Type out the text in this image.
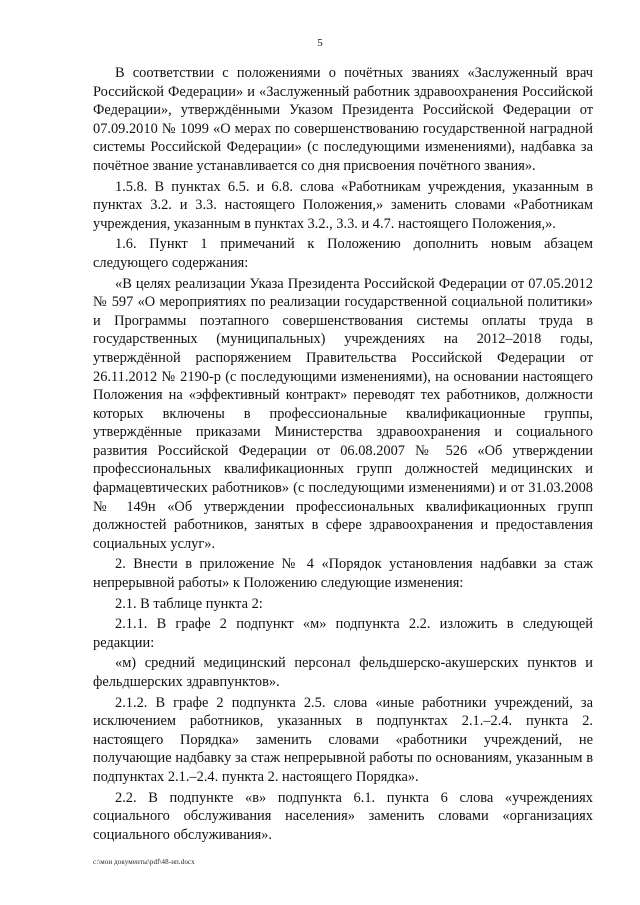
5

В соответствии с положениями о почётных званиях «Заслуженный врач Российской Федерации» и «Заслуженный работник здравоохранения Российской Федерации», утверждёнными Указом Президента Российской Федерации от 07.09.2010 № 1099 «О мерах по совершенствованию государственной наградной системы Российской Федерации» (с последующими изменениями), надбавка за почётное звание устанавливается со дня присвоения почётного звания».

1.5.8. В пунктах 6.5. и 6.8. слова «Работникам учреждения, указанным в пунктах 3.2. и 3.3. настоящего Положения,» заменить словами «Работникам учреждения, указанным в пунктах 3.2., 3.3. и 4.7. настоящего Положения,».

1.6. Пункт 1 примечаний к Положению дополнить новым абзацем следующего содержания:

«В целях реализации Указа Президента Российской Федерации от 07.05.2012 № 597 «О мероприятиях по реализации государственной социальной политики» и Программы поэтапного совершенствования системы оплаты труда в государственных (муниципальных) учреждениях на 2012–2018 годы, утверждённой распоряжением Правительства Российской Федерации от 26.11.2012 № 2190-р (с последующими изменениями), на основании настоящего Положения на «эффективный контракт» переводят тех работников, должности которых включены в профессиональные квалификационные группы, утверждённые приказами Министерства здравоохранения и социального развития Российской Федерации от 06.08.2007 № 526 «Об утверждении профессиональных квалификационных групп должностей медицинских и фармацевтических работников» (с последующими изменениями) и от 31.03.2008 № 149н «Об утверждении профессиональных квалификационных групп должностей работников, занятых в сфере здравоохранения и предоставления социальных услуг».

2. Внести в приложение № 4 «Порядок установления надбавки за стаж непрерывной работы» к Положению следующие изменения:

2.1. В таблице пункта 2:

2.1.1. В графе 2 подпункт «м» подпункта 2.2. изложить в следующей редакции:

«м) средний медицинский персонал фельдшерско-акушерских пунктов и фельдшерских здравпунктов».

2.1.2. В графе 2 подпункта 2.5. слова «иные работники учреждений, за исключением работников, указанных в подпунктах 2.1.–2.4. пункта 2. настоящего Порядка» заменить словами «работники учреждений, не получающие надбавку за стаж непрерывной работы по основаниям, указанным в подпунктах 2.1.–2.4. пункта 2. настоящего Порядка».

2.2. В подпункте «в» подпункта 6.1. пункта 6 слова «учреждениях социального обслуживания населения» заменить словами «организациях социального обслуживания».

c:\мои документы\pdf\48-ип.docx
